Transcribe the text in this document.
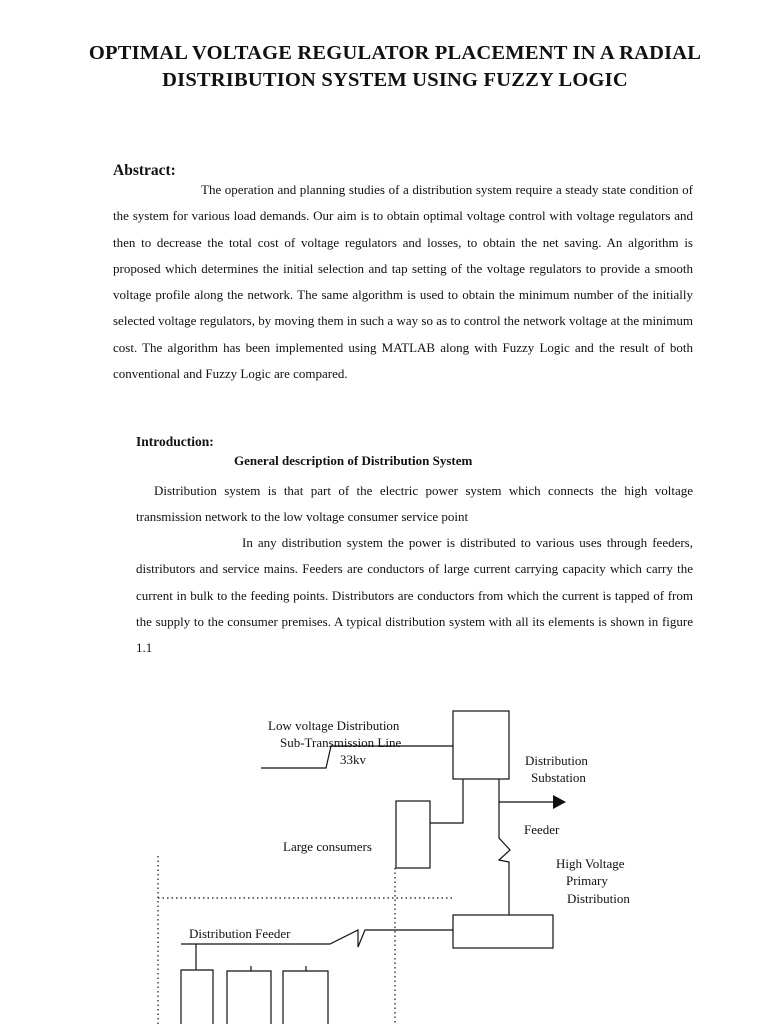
OPTIMAL VOLTAGE REGULATOR PLACEMENT IN A RADIAL DISTRIBUTION SYSTEM USING FUZZY LOGIC
Abstract:

The operation and planning studies of a distribution system require a steady state condition of the system for various load demands. Our aim is to obtain optimal voltage control with voltage regulators and then to decrease the total cost of voltage regulators and losses, to obtain the net saving. An algorithm is proposed which determines the initial selection and tap setting of the voltage regulators to provide a smooth voltage profile along the network. The same algorithm is used to obtain the minimum number of the initially selected voltage regulators, by moving them in such a way so as to control the network voltage at the minimum cost. The algorithm has been implemented using MATLAB along with Fuzzy Logic and the result of both conventional and Fuzzy Logic are compared.

Introduction:
General description of Distribution System

Distribution system is that part of the electric power system which connects the high voltage transmission network to the low voltage consumer service point

In any distribution system the power is distributed to various uses through feeders, distributors and service mains. Feeders are conductors of large current carrying capacity which carry the current in bulk to the feeding points. Distributors are conductors from which the current is tapped of from the supply to the consumer premises. A typical distribution system with all its elements is shown in figure 1.1

Low voltage Distribution
Sub-Transmission Line
33kv	Distribution
Substation
Feeder
Large consumers
High Voltage
Primary
Distribution
Distribution Feeder
